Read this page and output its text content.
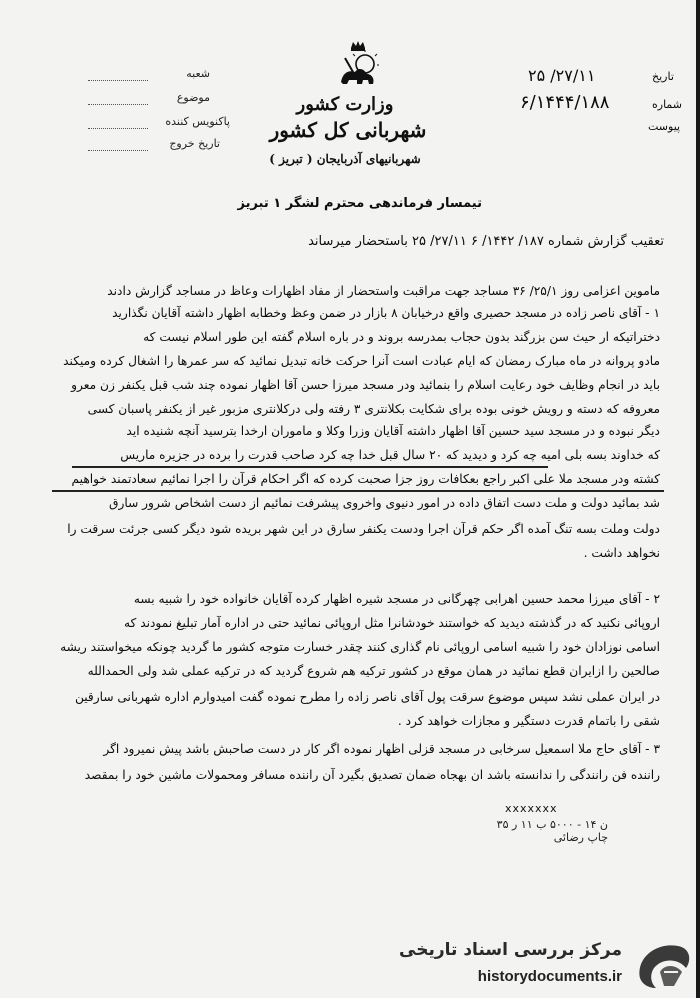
وزارت کشور
شهربانی کل کشور
شهربانیهای آذربایجان ( تبریز )
شعبه
موضوع
پاکنویس کننده
تاریخ خروج
تاریخ
۲۷/۱۱/ ۲۵
شماره
۶/۱۴۴۴/۱۸۸
پیوست
تیمسار فرماندهی محترم لشگر ۱ تبریز
تعقیب گزارش شماره ۱۸۷/ ۱۴۴۲/ ۶ ۲۷/۱۱/ ۲۵ باستحضار میرساند
ماموین اعزامی روز ۲۵/۱/ ۳۶ مساجد جهت مراقبت واستحضار از مفاد اظهارات وعاظ در مساجد گزارش دادند
۱ - آقای ناصر زاده در مسجد حصیری واقع درخیابان ۸ بازار در ضمن وعظ وخطابه اظهار داشته آقایان نگذارید
دختراتیکه ار حیث سن بزرگند بدون حجاب بمدرسه بروند و در باره اسلام گفته این طور اسلام نیست که
مادو پروانه در ماه مبارک رمضان که ایام عبادت است آنرا حرکت خانه تبدیل نمائید که سر عمرها را اشغال کرده ومیکند
باید در انجام وظایف خود رعایت اسلام را بنمائید ودر مسجد میرزا حسن آقا اظهار نموده چند شب قبل یکنفر زن معرو
معروفه که دسته و رویش خونی بوده برای شکایت بکلانتری ۳ رفته ولی درکلانتری مزبور غیر از یکنفر پاسبان کسی
دیگر نبوده و در مسجد سید حسین آقا اظهار داشته آقایان وزرا وکلا و ماموران ارخدا بترسید آنچه شنیده اید
که خداوند بسه بلی امیه چه کرد و دیدید که ۲۰ سال قبل خدا چه کرد صاحب قدرت را برده در جزیره ماریس
کشته ودر مسجد ملا علی اکبر راجع بعکافات روز جزا صحبت کرده که اگر احکام قرآن را اجرا نمائیم سعادتمند خواهیم
شد بمائید دولت و ملت دست اتفاق داده در امور دنیوی واخروی پیشرفت نمائیم از دست اشخاص شرور سارق
دولت وملت بسه تنگ آمده اگر حکم قرآن اجرا ودست یکنفر سارق در این شهر بریده شود دیگر کسی جرئت سرقت را
نخواهد داشت .
۲ - آقای میرزا محمد حسین اهرابی چهرگانی در مسجد شیره اظهار کرده آقایان خانواده خود را شبیه بسه
اروپائی نکنید که در گذشته دیدید که خواستند خودشانرا مثل اروپائی نمائید حتی در اداره آمار تبلیغ نمودند که
اسامی نوزادان خود را شبیه اسامی اروپائی نام گذاری کنند چقدر خسارت متوجه کشور ما گردید چونکه میخواستند ریشه
صالحین را ازایران قطع نمائید در همان موقع در کشور ترکیه هم شروع گردید که در ترکیه عملی شد ولی الحمدالله
در ایران عملی نشد سپس موضوع سرقت پول آقای ناصر زاده را مطرح نموده گفت امیدوارم اداره شهربانی سارقین
شقی را باتمام قدرت دستگیر و مجازات خواهد کرد .
۳ - آقای حاج ملا اسمعیل سرخابی در مسجد قزلی اظهار نموده اگر کار در دست صاحبش باشد پیش نمیرود اگر
راننده فن رانندگی را ندانسته باشد ان بهجاه ضمان تصدیق بگیرد آن راننده مسافر ومحمولات ماشین خود را بمقصد
xxxxxxx
ن ۱۴ - ۵۰۰۰ ب ۱۱ ر ۳۵ چاپ رضائی
مرکز بررسی اسناد تاریخی
historydocuments.ir
